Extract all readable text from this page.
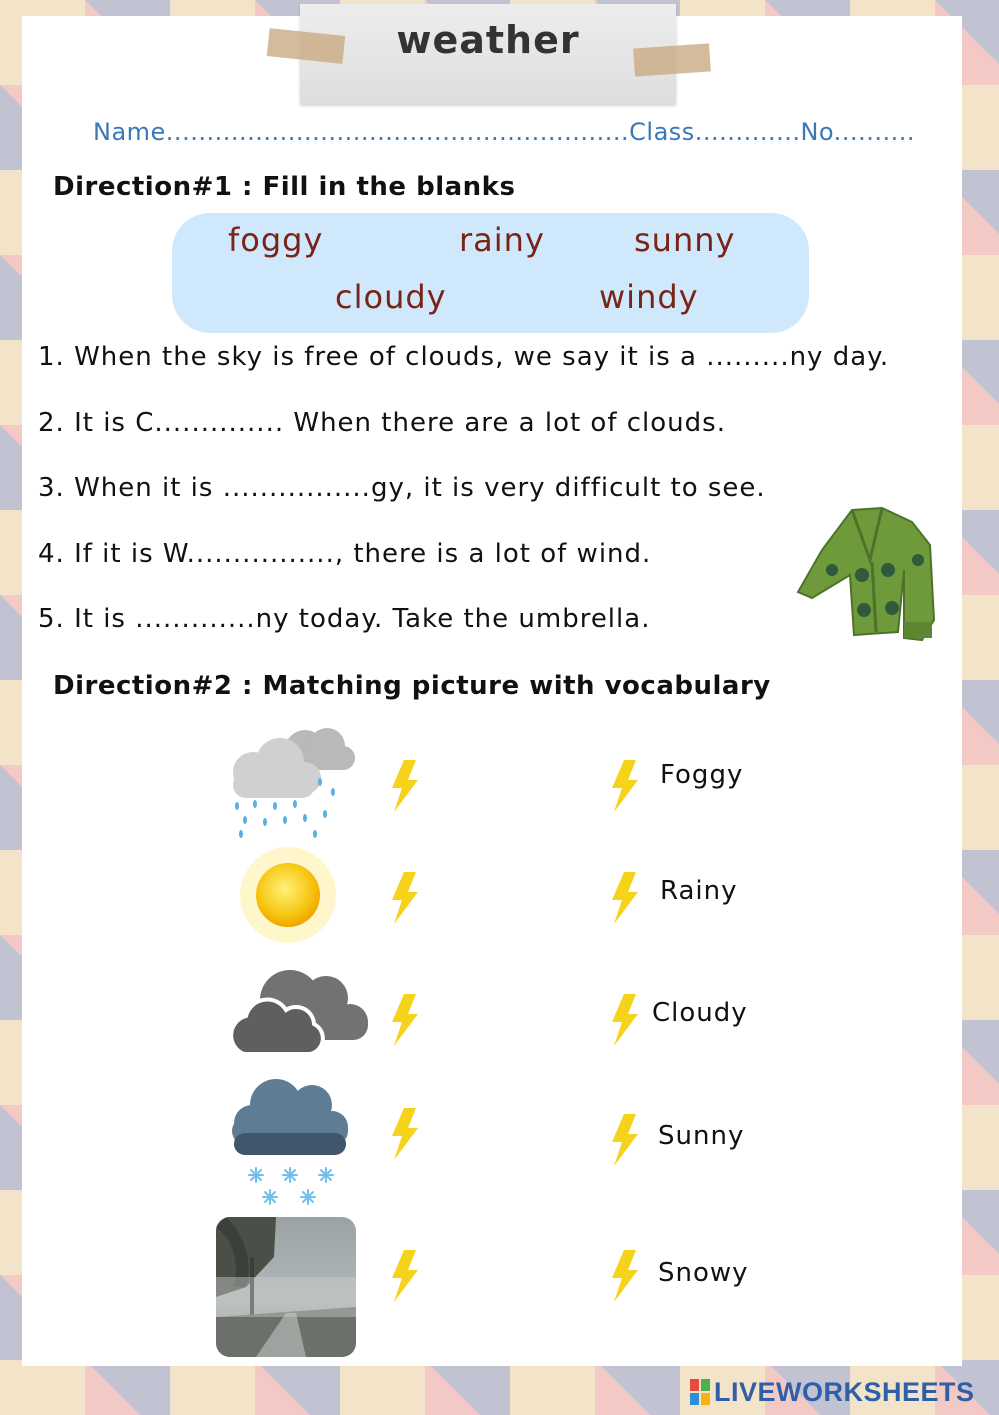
weather
Name.........................................................Class.............No..........
Direction#1 : Fill in the blanks
foggy	rainy	sunny
cloudy	windy
1. When the sky is free of clouds, we say it is a .........ny day.
2. It is C.............. When there are a lot of clouds.
3. When it is ................gy, it is very difficult to see.
4. If it is W................, there is a lot of wind.
5. It is .............ny today. Take the umbrella.
Direction#2 : Matching picture with vocabulary
Foggy
Rainy
Cloudy
Sunny
Snowy
LIVEWORKSHEETS
